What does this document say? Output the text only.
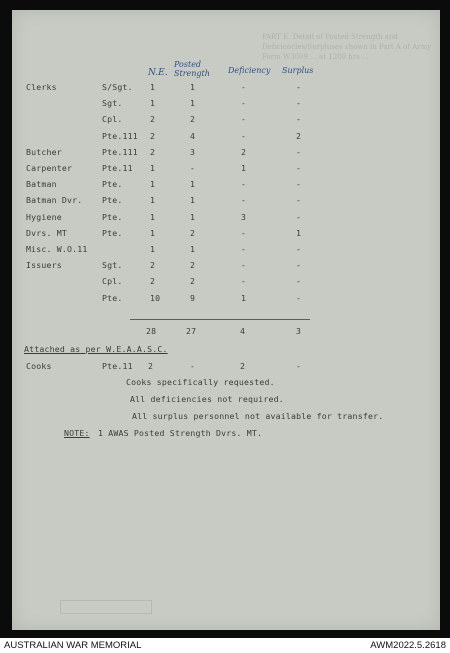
PART E. Detail of Posted Strength and Deficiencies/Surpluses shown in Part A of Army Form W3009 ... at 1200 hrs ...
N.E.
Posted Strength	Deficiency Surplus
Clerks	S/Sgt. 1	1	-	-
Sgt.	1	1	-	-
Cpl.	2	2	-	-
Pte.111 2	4	-	2
Butcher	Pte.111 2	3	2	-
Carpenter	Pte.11 1	-	1	-
Batman	Pte.	1	1	-	-
Batman Dvr. Pte.	1	1	-	-
Hygiene	Pte.	1	1	3	-
Dvrs. MT	Pte.	1	2	-	1
Misc. W.O.11	1	1	-	-
Issuers	Sgt.	2	2	-	-
Cpl.	2	2	-	-
Pte.	10	9	1	-
28	27	4	3
Attached as per W.E.A.A.S.C.
Cooks	Pte.11 2	-	2	-
Cooks specifically requested.
All deficiencies not required.
All surplus personnel not available for transfer.
NOTE: 1 AWAS Posted Strength Dvrs. MT.
AUSTRALIAN WAR MEMORIAL	AWM2022.5.2618
